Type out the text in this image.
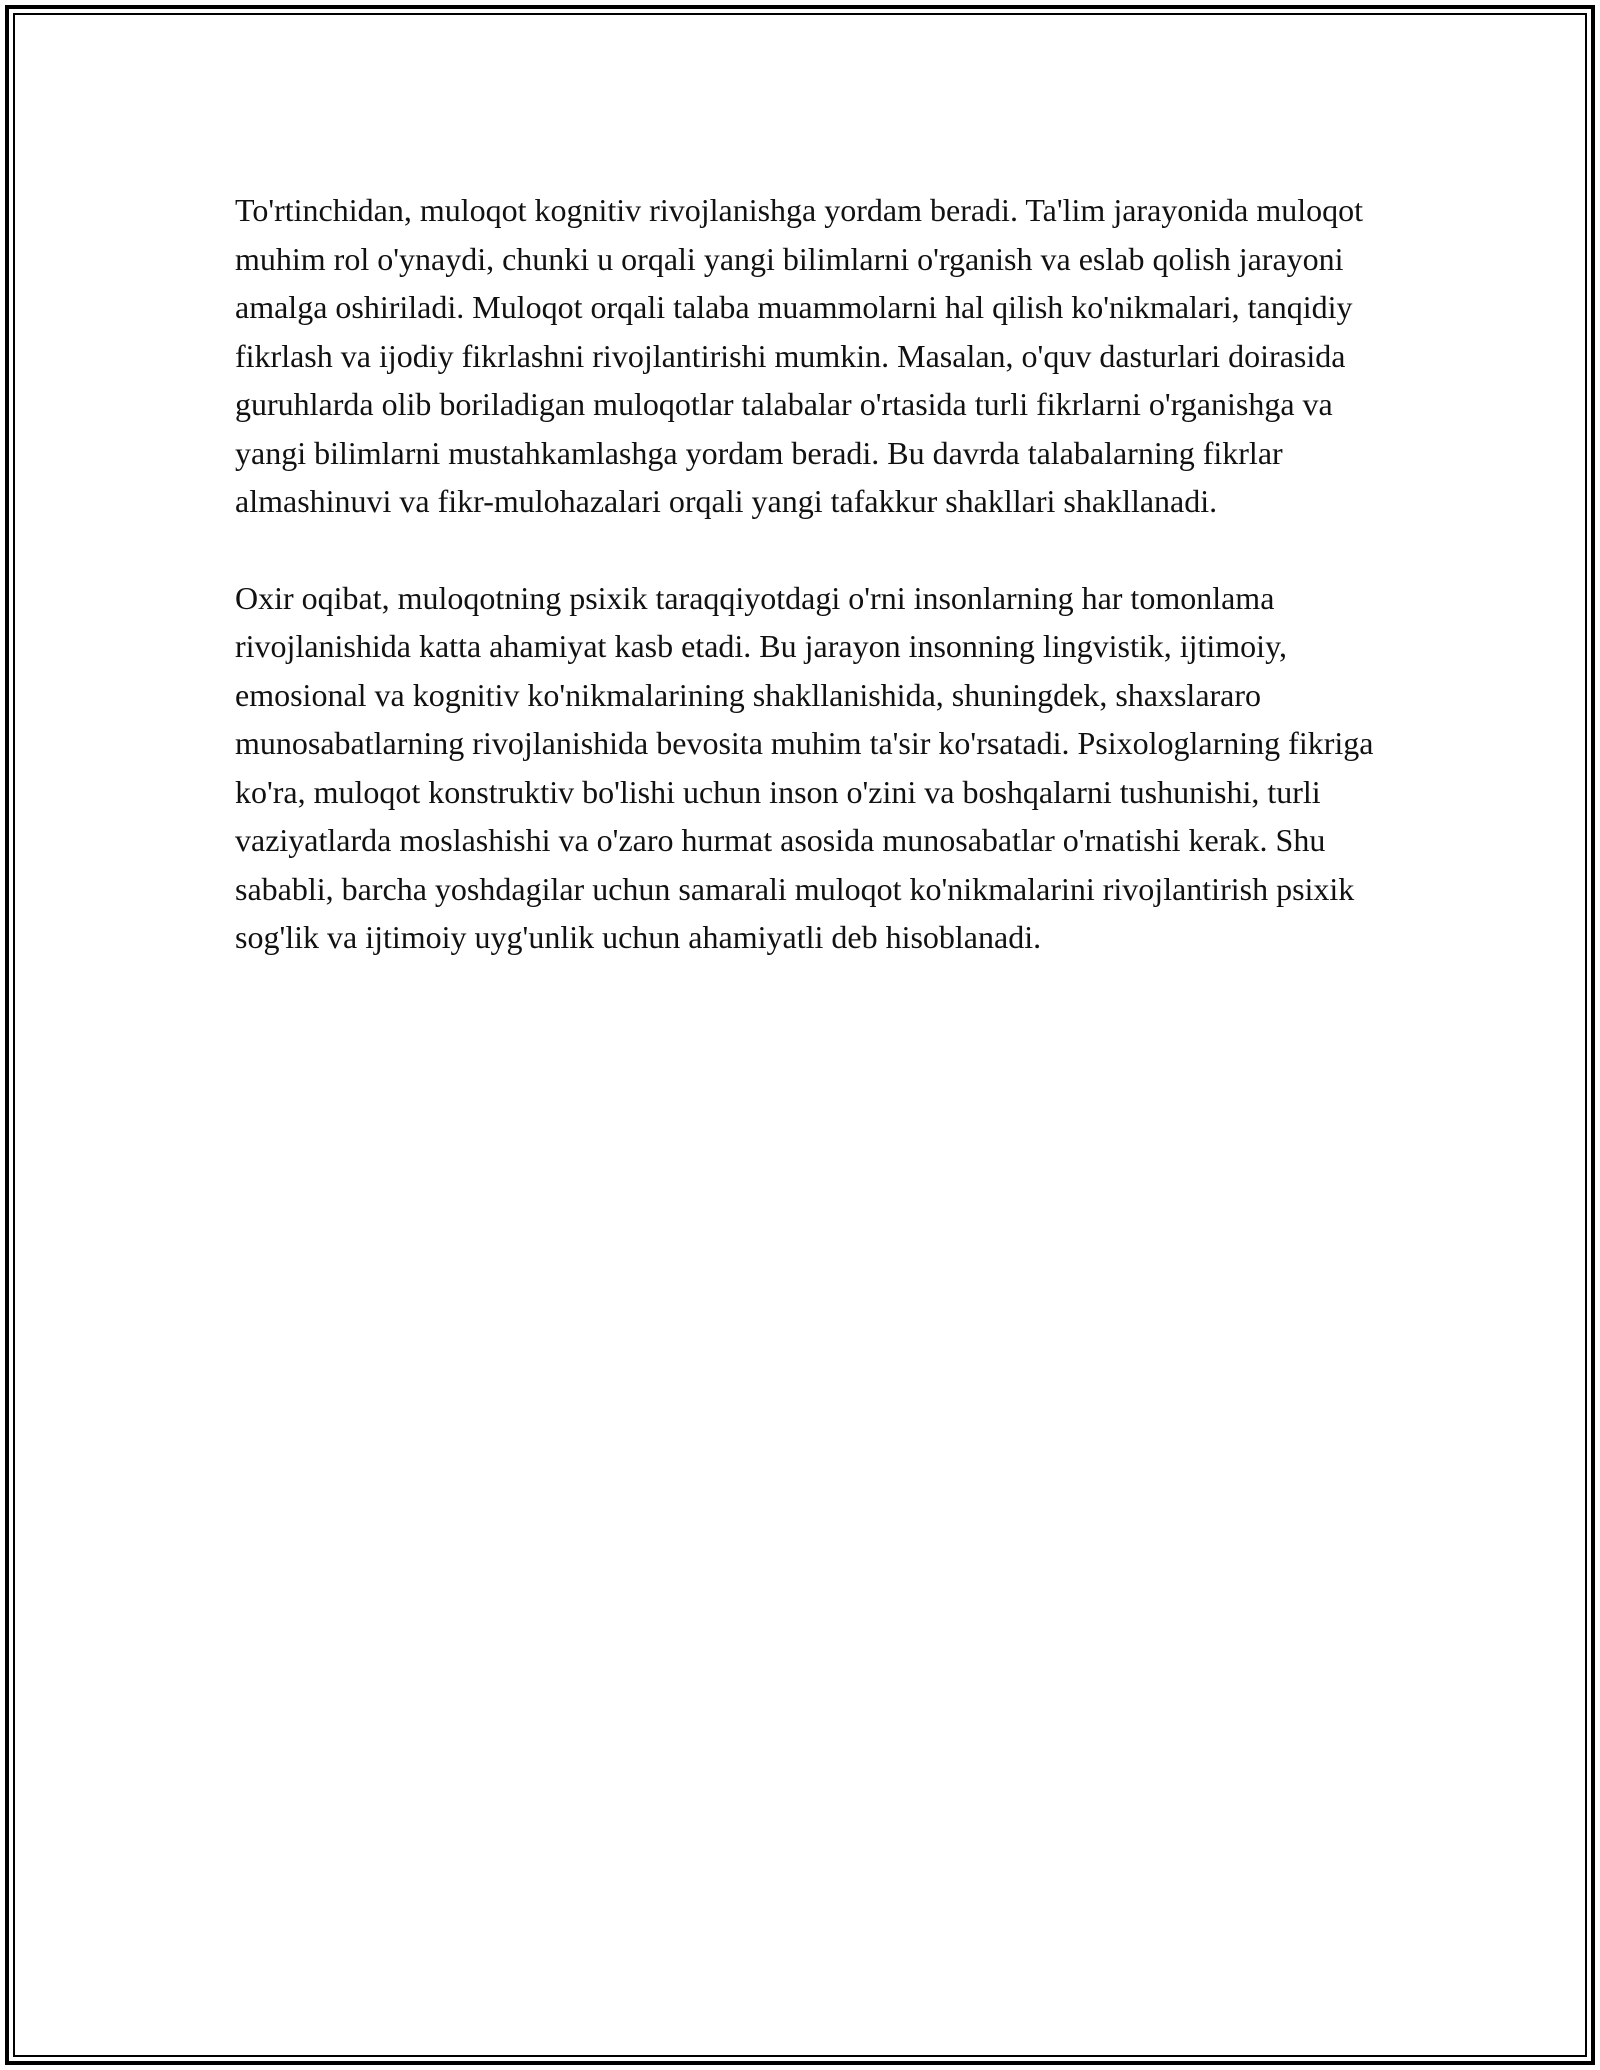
To'rtinchidan, muloqot kognitiv rivojlanishga yordam beradi. Ta'lim jarayonida muloqot muhim rol o'ynaydi, chunki u orqali yangi bilimlarni o'rganish va eslab qolish jarayoni amalga oshiriladi. Muloqot orqali talaba muammolarni hal qilish ko'nikmalari, tanqidiy fikrlash va ijodiy fikrlashni rivojlantirishi mumkin. Masalan, o'quv dasturlari doirasida guruhlarda olib boriladigan muloqotlar talabalar o'rtasida turli fikrlarni o'rganishga va yangi bilimlarni mustahkamlashga yordam beradi. Bu davrda talabalarning fikrlar almashinuvi va fikr-mulohazalari orqali yangi tafakkur shakllari shakllanadi.

Oxir oqibat, muloqotning psixik taraqqiyotdagi o'rni insonlarning har tomonlama rivojlanishida katta ahamiyat kasb etadi. Bu jarayon insonning lingvistik, ijtimoiy, emosional va kognitiv ko'nikmalarining shakllanishida, shuningdek, shaxslararo munosabatlarning rivojlanishida bevosita muhim ta'sir ko'rsatadi. Psixologlarning fikriga ko'ra, muloqot konstruktiv bo'lishi uchun inson o'zini va boshqalarni tushunishi, turli vaziyatlarda moslashishi va o'zaro hurmat asosida munosabatlar o'rnatishi kerak. Shu sababli, barcha yoshdagilar uchun samarali muloqot ko'nikmalarini rivojlantirish psixik sog'lik va ijtimoiy uyg'unlik uchun ahamiyatli deb hisoblanadi.
